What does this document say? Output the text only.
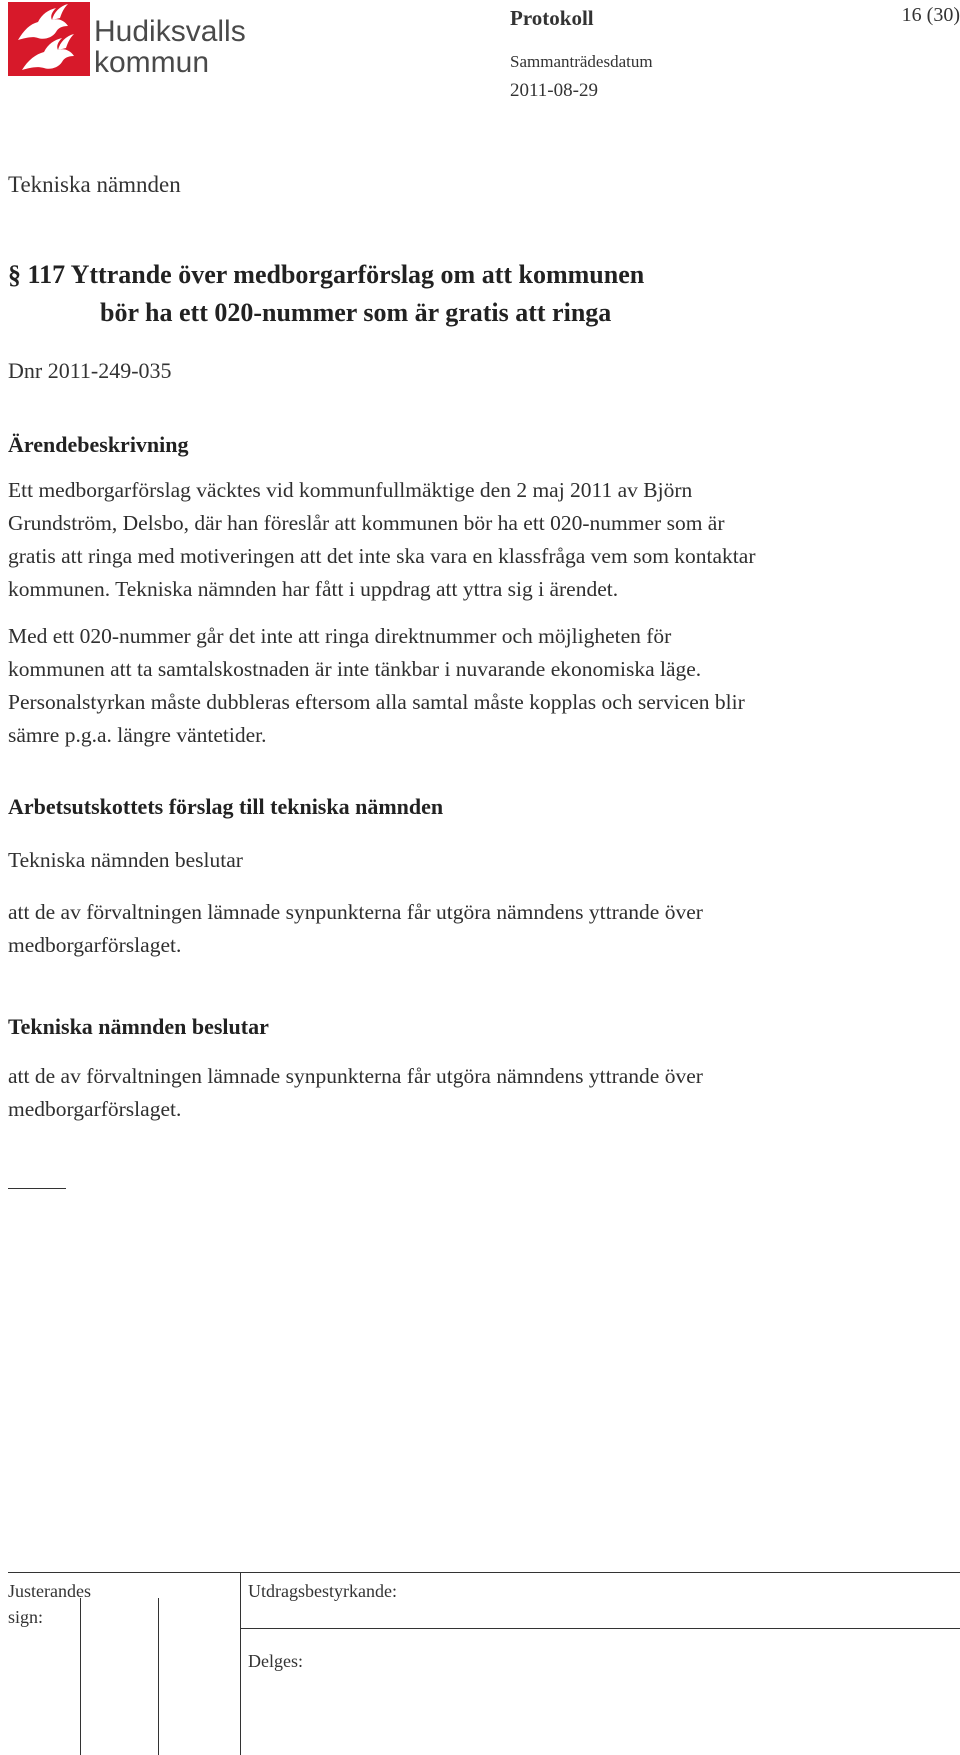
Hudiksvalls
kommun
Protokoll	16 (30)
Sammanträdesdatum
2011-08-29
Tekniska nämnden
§ 117 Yttrande över medborgarförslag om att kommunen
bör ha ett 020-nummer som är gratis att ringa
Dnr 2011-249-035
Ärendebeskrivning
Ett medborgarförslag väcktes vid kommunfullmäktige den 2 maj 2011 av Björn
Grundström, Delsbo, där han föreslår att kommunen bör ha ett 020-nummer som är
gratis att ringa med motiveringen att det inte ska vara en klassfråga vem som kontaktar
kommunen. Tekniska nämnden har fått i uppdrag att yttra sig i ärendet.
Med ett 020-nummer går det inte att ringa direktnummer och möjligheten för
kommunen att ta samtalskostnaden är inte tänkbar i nuvarande ekonomiska läge.
Personalstyrkan måste dubbleras eftersom alla samtal måste kopplas och servicen blir
sämre p.g.a. längre väntetider.
Arbetsutskottets förslag till tekniska nämnden
Tekniska nämnden beslutar
att de av förvaltningen lämnade synpunkterna får utgöra nämndens yttrande över
medborgarförslaget.
Tekniska nämnden beslutar
att de av förvaltningen lämnade synpunkterna får utgöra nämndens yttrande över
medborgarförslaget.
Justerandes
sign:
Utdragsbestyrkande:
Delges:
